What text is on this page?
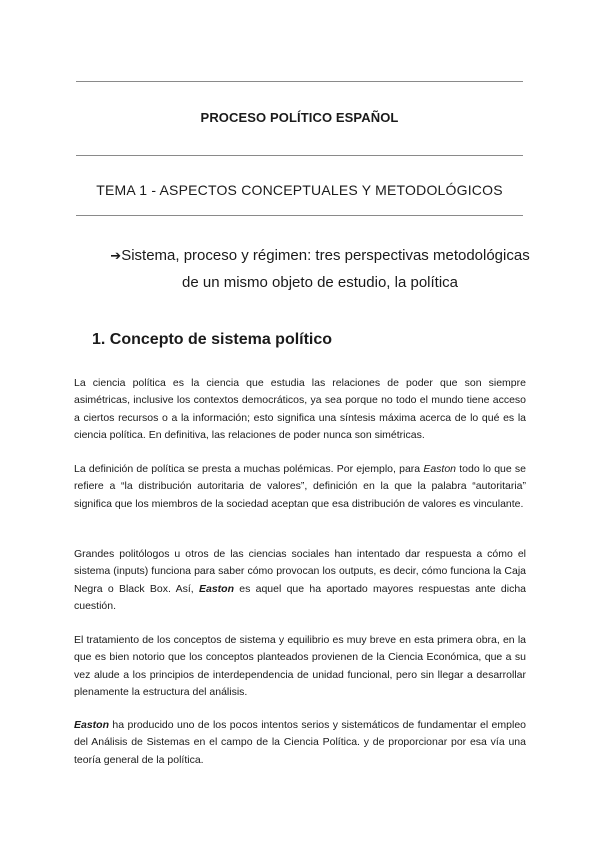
PROCESO POLÍTICO ESPAÑOL
TEMA 1 - ASPECTOS CONCEPTUALES Y METODOLÓGICOS
➔Sistema, proceso y régimen: tres perspectivas metodológicas de un mismo objeto de estudio, la política
1. Concepto de sistema político

La ciencia política es la ciencia que estudia las relaciones de poder que son siempre asimétricas, inclusive los contextos democráticos, ya sea porque no todo el mundo tiene acceso a ciertos recursos o a la información; esto significa una síntesis máxima acerca de lo qué es la ciencia política. En definitiva, las relaciones de poder nunca son simétricas.

La definición de política se presta a muchas polémicas. Por ejemplo, para Easton todo lo que se refiere a “la distribución autoritaria de valores”, definición en la que la palabra “autoritaria” significa que los miembros de la sociedad aceptan que esa distribución de valores es vinculante.

Grandes politólogos u otros de las ciencias sociales han intentado dar respuesta a cómo el sistema (inputs) funciona para saber cómo provocan los outputs, es decir, cómo funciona la Caja Negra o Black Box. Así, Easton es aquel que ha aportado mayores respuestas ante dicha cuestión.

El tratamiento de los conceptos de sistema y equilibrio es muy breve en esta primera obra, en la que es bien notorio que los conceptos planteados provienen de la Ciencia Económica, que a su vez alude a los principios de interdependencia de unidad funcional, pero sin llegar a desarrollar plenamente la estructura del análisis.

Easton ha producido uno de los pocos intentos serios y sistemáticos de fundamentar el empleo del Análisis de Sistemas en el campo de la Ciencia Política. y de proporcionar por esa vía una teoría general de la política.
